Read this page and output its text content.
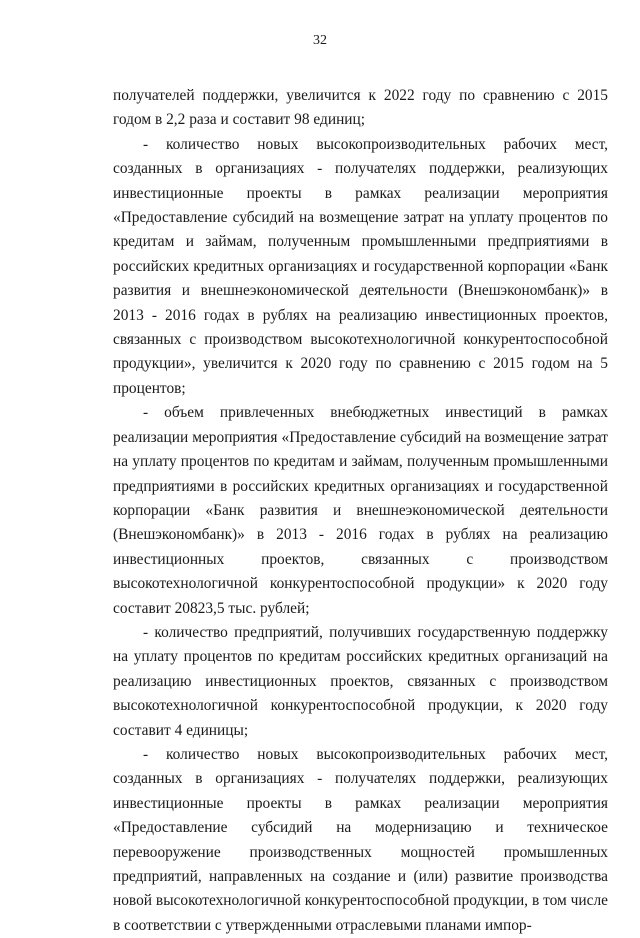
32

получателей поддержки, увеличится к 2022 году по сравнению с 2015 годом в 2,2 раза и составит 98 единиц;

- количество новых высокопроизводительных рабочих мест, созданных в организациях - получателях поддержки, реализующих инвестиционные проекты в рамках реализации мероприятия «Предоставление субсидий на возмещение затрат на уплату процентов по кредитам и займам, полученным промышленными предприятиями в российских кредитных организациях и государственной корпорации «Банк развития и внешнеэкономической деятельности (Внешэкономбанк)» в 2013 - 2016 годах в рублях на реализацию инвестиционных проектов, связанных с производством высокотехнологичной конкурентоспособной продукции», увеличится к 2020 году по сравнению с 2015 годом на 5 процентов;

- объем привлеченных внебюджетных инвестиций в рамках реализации мероприятия «Предоставление субсидий на возмещение затрат на уплату процентов по кредитам и займам, полученным промышленными предприятиями в российских кредитных организациях и государственной корпорации «Банк развития и внешнеэкономической деятельности (Внешэкономбанк)» в 2013 - 2016 годах в рублях на реализацию инвестиционных проектов, связанных с производством высокотехнологичной конкурентоспособной продукции» к 2020 году составит 20823,5 тыс. рублей;

- количество предприятий, получивших государственную поддержку на уплату процентов по кредитам российских кредитных организаций на реализацию инвестиционных проектов, связанных с производством высокотехнологичной конкурентоспособной продукции, к 2020 году составит 4 единицы;

- количество новых высокопроизводительных рабочих мест, созданных в организациях - получателях поддержки, реализующих инвестиционные проекты в рамках реализации мероприятия «Предоставление субсидий на модернизацию и техническое перевооружение производственных мощностей промышленных предприятий, направленных на создание и (или) развитие производства новой высокотехнологичной конкурентоспособной продукции, в том числе в соответствии с утвержденными отраслевыми планами импор-
